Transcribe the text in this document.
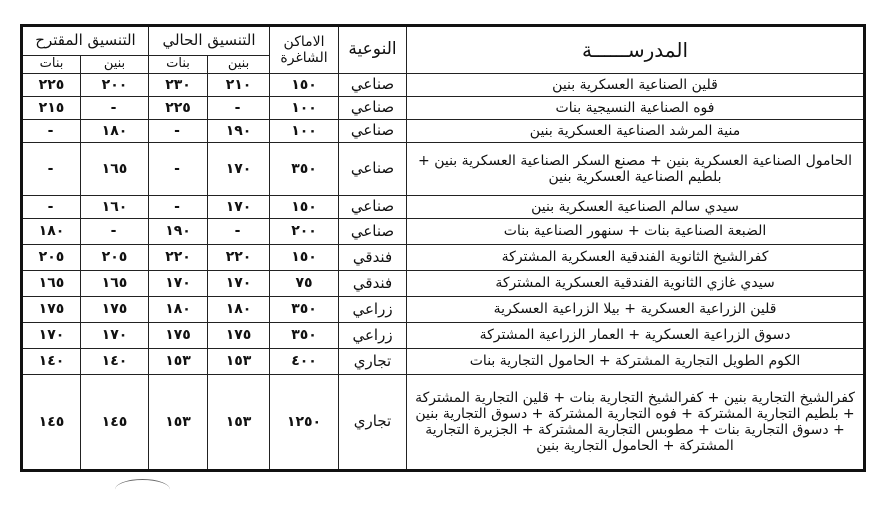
المدرســــــة	النوعية	الاماكن الشاغرة	التنسيق الحالي		التنسيق المقترح	
			بنين	بنات	بنين	بنات
قلين الصناعية العسكرية بنين	صناعي	١٥٠	٢١٠	٢٣٠	٢٠٠	٢٢٥
فوه الصناعية النسيجية بنات	صناعي	١٠٠	-	٢٢٥	-	٢١٥
منية المرشد الصناعية العسكرية بنين	صناعي	١٠٠	١٩٠	-	١٨٠	-
الحامول الصناعية العسكرية بنين + مصنع السكر الصناعية العسكرية بنين + بلطيم الصناعية العسكرية بنين	صناعي	٣٥٠	١٧٠	-	١٦٥	-
سيدي سالم الصناعية العسكرية بنين	صناعي	١٥٠	١٧٠	-	١٦٠	-
الضبعة الصناعية بنات + سنهور الصناعية بنات	صناعي	٢٠٠	-	١٩٠	-	١٨٠
كفرالشيخ الثانوية الفندقية العسكرية المشتركة	فندقي	١٥٠	٢٢٠	٢٢٠	٢٠٥	٢٠٥
سيدي غازي الثانوية الفندقية العسكرية المشتركة	فندقي	٧٥	١٧٠	١٧٠	١٦٥	١٦٥
قلين الزراعية العسكرية + بيلا الزراعية العسكرية	زراعي	٣٥٠	١٨٠	١٨٠	١٧٥	١٧٥
دسوق الزراعية العسكرية + العمار الزراعية المشتركة	زراعي	٣٥٠	١٧٥	١٧٥	١٧٠	١٧٠
الكوم الطويل التجارية المشتركة + الحامول التجارية بنات	تجاري	٤٠٠	١٥٣	١٥٣	١٤٠	١٤٠
كفرالشيخ التجارية بنين + كفرالشيخ التجارية بنات + قلين التجارية المشتركة + بلطيم التجارية المشتركة + فوه التجارية المشتركة + دسوق التجارية بنين + دسوق التجارية بنات + مطوبس التجارية المشتركة + الجزيرة التجارية المشتركة + الحامول التجارية بنين	تجاري	١٢٥٠	١٥٣	١٥٣	١٤٥	١٤٥
